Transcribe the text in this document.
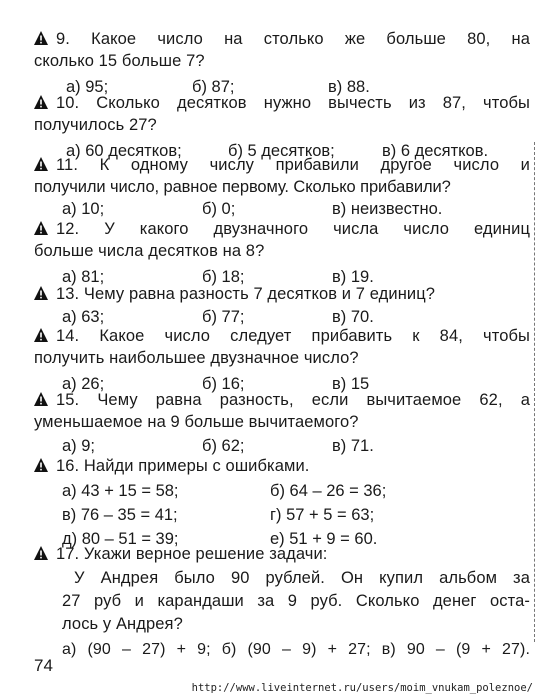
9. Какое число на столько же больше 80, на
сколько 15 больше 7?
а) 95;	б) 87;	в) 88.
10. Сколько десятков нужно вычесть из 87, чтобы
получилось 27?
а) 60 десятков;	б) 5 десятков;	в) 6 десятков.
11. К одному числу прибавили другое число и
получили число, равное первому. Сколько прибавили?
а) 10;	б) 0;	в) неизвестно.
12. У какого двузначного числа число единиц
больше числа десятков на 8?
а) 81;	б) 18;	в) 19.
13. Чему равна разность 7 десятков и 7 единиц?
а) 63;	б) 77;	в) 70.
14. Какое число следует прибавить к 84, чтобы
получить наибольшее двузначное число?
а) 26;	б) 16;	в) 15
15. Чему равна разность, если вычитаемое 62, а
уменьшаемое на 9 больше вычитаемого?
а) 9;	б) 62;	в) 71.
16. Найди примеры с ошибками.
а) 43 + 15 = 58;	б) 64 – 26 = 36;
в) 76 – 35 = 41;	г) 57 + 5 = 63;
д) 80 – 51 = 39;	е) 51 + 9 = 60.
17. Укажи верное решение задачи:
У Андрея было 90 рублей. Он купил альбом за
27 руб и карандаши за 9 руб. Сколько денег оста-
лось у Андрея?
а) (90 – 27) + 9; б) (90 – 9) + 27; в) 90 – (9 + 27).
74
http://www.liveinternet.ru/users/moim_vnukam_poleznoe/
